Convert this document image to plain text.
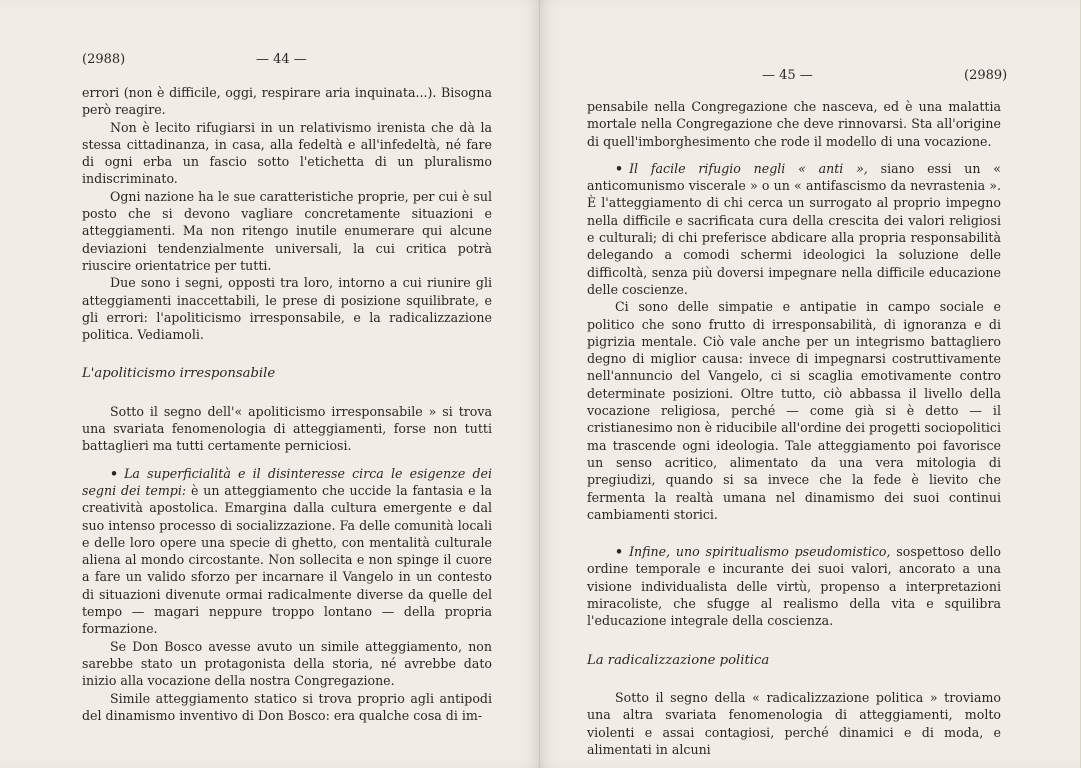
(2988)	— 44 —

errori (non è difficile, oggi, respirare aria inquinata...). Bisogna però reagire.

Non è lecito rifugiarsi in un relativismo irenista che dà la stessa cittadinanza, in casa, alla fedeltà e all'infedeltà, né fare di ogni erba un fascio sotto l'etichetta di un pluralismo indiscriminato.

Ogni nazione ha le sue caratteristiche proprie, per cui è sul posto che si devono vagliare concretamente situazioni e atteggiamenti. Ma non ritengo inutile enumerare qui alcune deviazioni tendenzialmente universali, la cui critica potrà riuscire orientatrice per tutti.

Due sono i segni, opposti tra loro, intorno a cui riunire gli atteggiamenti inaccettabili, le prese di posizione squilibrate, e gli errori: l'apoliticismo irresponsabile, e la radicalizzazione politica. Vediamoli.

L'apoliticismo irresponsabile

Sotto il segno dell'« apoliticismo irresponsabile » si trova una svariata fenomenologia di atteggiamenti, forse non tutti battaglieri ma tutti certamente perniciosi.

• La superficialità e il disinteresse circa le esigenze dei segni dei tempi: è un atteggiamento che uccide la fantasia e la creatività apostolica. Emargina dalla cultura emergente e dal suo intenso processo di socializzazione. Fa delle comunità locali e delle loro opere una specie di ghetto, con mentalità culturale aliena al mondo circostante. Non sollecita e non spinge il cuore a fare un valido sforzo per incarnare il Vangelo in un contesto di situazioni divenute ormai radicalmente diverse da quelle del tempo — magari neppure troppo lontano — della propria formazione.

Se Don Bosco avesse avuto un simile atteggiamento, non sarebbe stato un protagonista della storia, né avrebbe dato inizio alla vocazione della nostra Congregazione.

Simile atteggiamento statico si trova proprio agli antipodi del dinamismo inventivo di Don Bosco: era qualche cosa di im-

— 45 —	(2989)

pensabile nella Congregazione che nasceva, ed è una malattia mortale nella Congregazione che deve rinnovarsi. Sta all'origine di quell'imborghesimento che rode il modello di una vocazione.

• Il facile rifugio negli « anti », siano essi un « anticomunismo viscerale » o un « antifascismo da nevrastenia ». È l'atteggiamento di chi cerca un surrogato al proprio impegno nella difficile e sacrificata cura della crescita dei valori religiosi e culturali; di chi preferisce abdicare alla propria responsabilità delegando a comodi schermi ideologici la soluzione delle difficoltà, senza più doversi impegnare nella difficile educazione delle coscienze.

Ci sono delle simpatie e antipatie in campo sociale e politico che sono frutto di irresponsabilità, di ignoranza e di pigrizia mentale. Ciò vale anche per un integrismo battagliero degno di miglior causa: invece di impegnarsi costruttivamente nell'annuncio del Vangelo, ci si scaglia emotivamente contro determinate posizioni. Oltre tutto, ciò abbassa il livello della vocazione religiosa, perché — come già si è detto — il cristianesimo non è riducibile all'ordine dei progetti sociopolitici ma trascende ogni ideologia. Tale atteggiamento poi favorisce un senso acritico, alimentato da una vera mitologia di pregiudizi, quando si sa invece che la fede è lievito che fermenta la realtà umana nel dinamismo dei suoi continui cambiamenti storici.

• Infine, uno spiritualismo pseudomistico, sospettoso dello ordine temporale e incurante dei suoi valori, ancorato a una visione individualista delle virtù, propenso a interpretazioni miracoliste, che sfugge al realismo della vita e squilibra l'educazione integrale della coscienza.

La radicalizzazione politica

Sotto il segno della « radicalizzazione politica » troviamo una altra svariata fenomenologia di atteggiamenti, molto violenti e assai contagiosi, perché dinamici e di moda, e alimentati in alcuni
